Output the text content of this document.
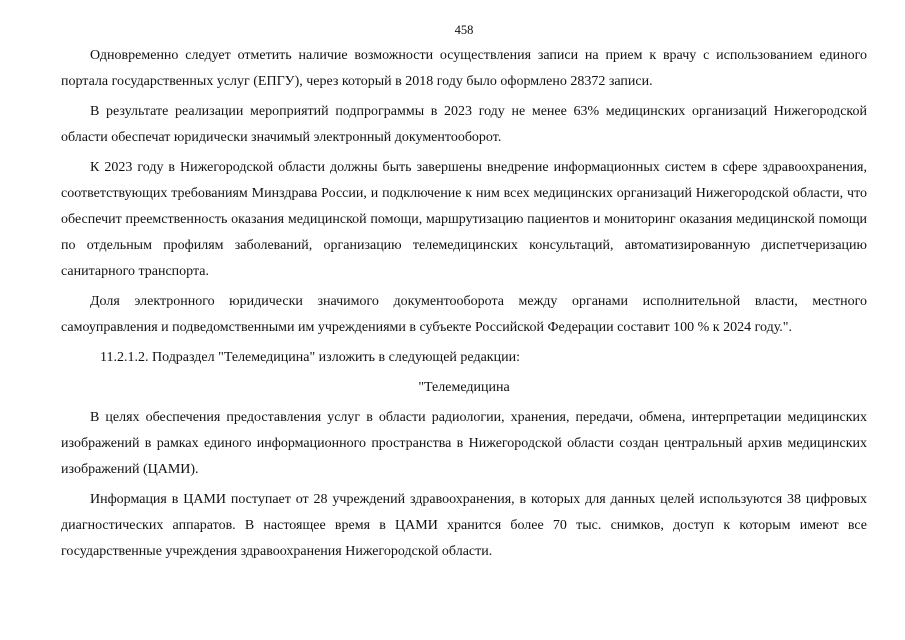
458

Одновременно следует отметить наличие возможности осуществления записи на прием к врачу с использованием единого портала государственных услуг (ЕПГУ), через который в 2018 году было оформлено 28372 записи.

В результате реализации мероприятий подпрограммы в 2023 году не менее 63% медицинских организаций Нижегородской области обеспечат юридически значимый электронный документооборот.

К 2023 году в Нижегородской области должны быть завершены внедрение информационных систем в сфере здравоохранения, соответствующих требованиям Минздрава России, и подключение к ним всех медицинских организаций Нижегородской области, что обеспечит преемственность оказания медицинской помощи, маршрутизацию пациентов и мониторинг оказания медицинской помощи по отдельным профилям заболеваний, организацию телемедицинских консультаций, автоматизированную диспетчеризацию санитарного транспорта.

Доля электронного юридически значимого документооборота между органами исполнительной власти, местного самоуправления и подведомственными им учреждениями в субъекте Российской Федерации составит 100 % к 2024 году.".

11.2.1.2. Подраздел "Телемедицина" изложить в следующей редакции:

"Телемедицина

В целях обеспечения предоставления услуг в области радиологии, хранения, передачи, обмена, интерпретации медицинских изображений в рамках единого информационного пространства в Нижегородской области создан центральный архив медицинских изображений (ЦАМИ).

Информация в ЦАМИ поступает от 28 учреждений здравоохранения, в которых для данных целей используются 38 цифровых диагностических аппаратов. В настоящее время в ЦАМИ хранится более 70 тыс. снимков, доступ к которым имеют все государственные учреждения здравоохранения Нижегородской области.
